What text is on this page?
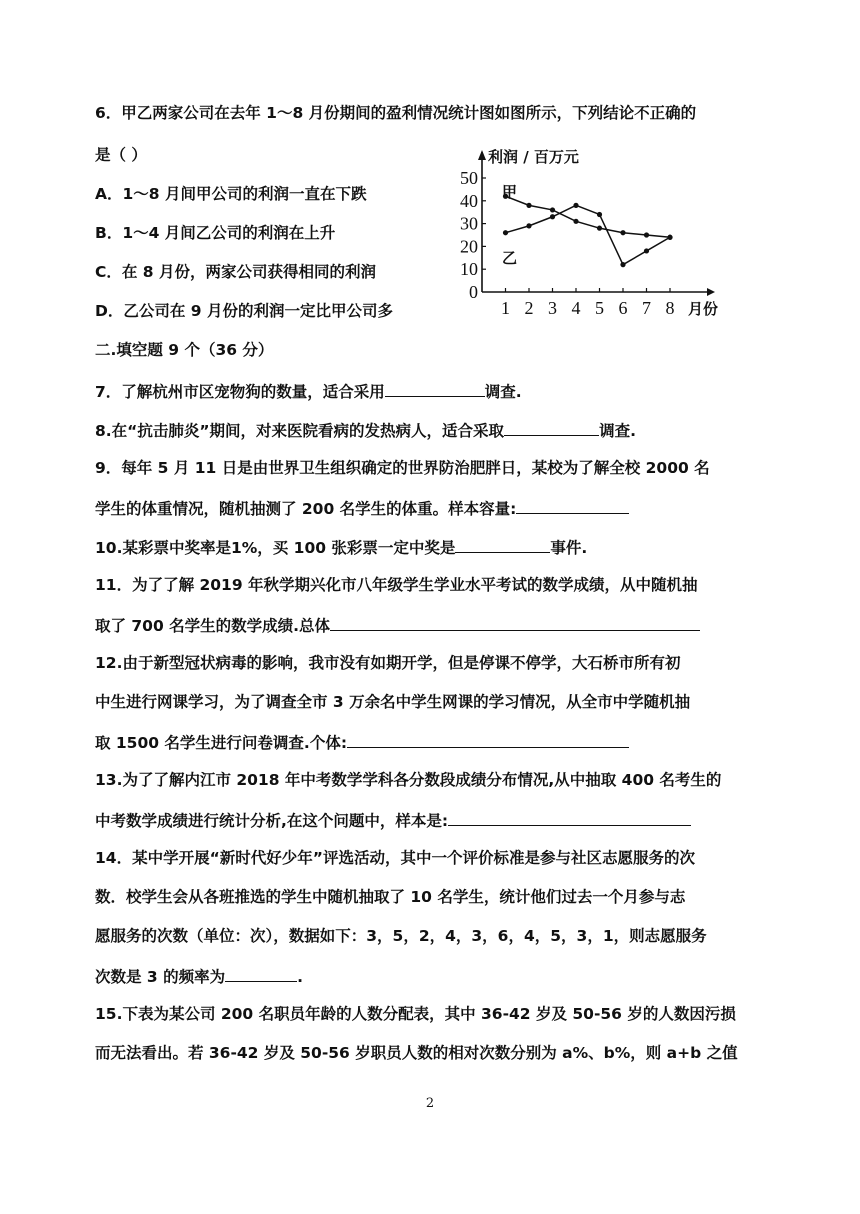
6．甲乙两家公司在去年 1～8 月份期间的盈利情况统计图如图所示，下列结论不正确的
是（ ）
A．1～8 月间甲公司的利润一直在下跌
B．1～4 月间乙公司的利润在上升
C．在 8 月份，两家公司获得相同的利润
D．乙公司在 9 月份的利润一定比甲公司多
二.填空题 9 个（36 分）
7．了解杭州市区宠物狗的数量，适合采用	调查.
8.在“抗击肺炎”期间，对来医院看病的发热病人，适合采取	调查.
9．每年 5 月 11 日是由世界卫生组织确定的世界防治肥胖日，某校为了解全校 2000 名
学生的体重情况，随机抽测了 200 名学生的体重。样本容量:
10.某彩票中奖率是1%，买 100 张彩票一定中奖是	事件.
11．为了了解 2019 年秋学期兴化市八年级学生学业水平考试的数学成绩，从中随机抽
取了 700 名学生的数学成绩.总体
12.由于新型冠状病毒的影响，我市没有如期开学，但是停课不停学，大石桥市所有初
中生进行网课学习，为了调查全市 3 万余名中学生网课的学习情况，从全市中学随机抽
取 1500 名学生进行问卷调查.个体:
13.为了了解内江市 2018 年中考数学学科各分数段成绩分布情况,从中抽取 400 名考生的
中考数学成绩进行统计分析,在这个问题中，样本是:
14．某中学开展“新时代好少年”评选活动，其中一个评价标准是参与社区志愿服务的次
数．校学生会从各班推选的学生中随机抽取了 10 名学生，统计他们过去一个月参与志
愿服务的次数（单位：次），数据如下：3，5，2，4，3，6，4，5，3，1，则志愿服务
次数是 3 的频率为	.
15.下表为某公司 200 名职员年龄的人数分配表，其中 36-42 岁及 50-56 岁的人数因污损
而无法看出。若 36-42 岁及 50-56 岁职员人数的相对次数分别为 a%、b%，则 a+b 之值
2
利润 / 百万元
月份
0
10
20
30
40
50
1 2 3 4 5 6 7 8
甲
乙
